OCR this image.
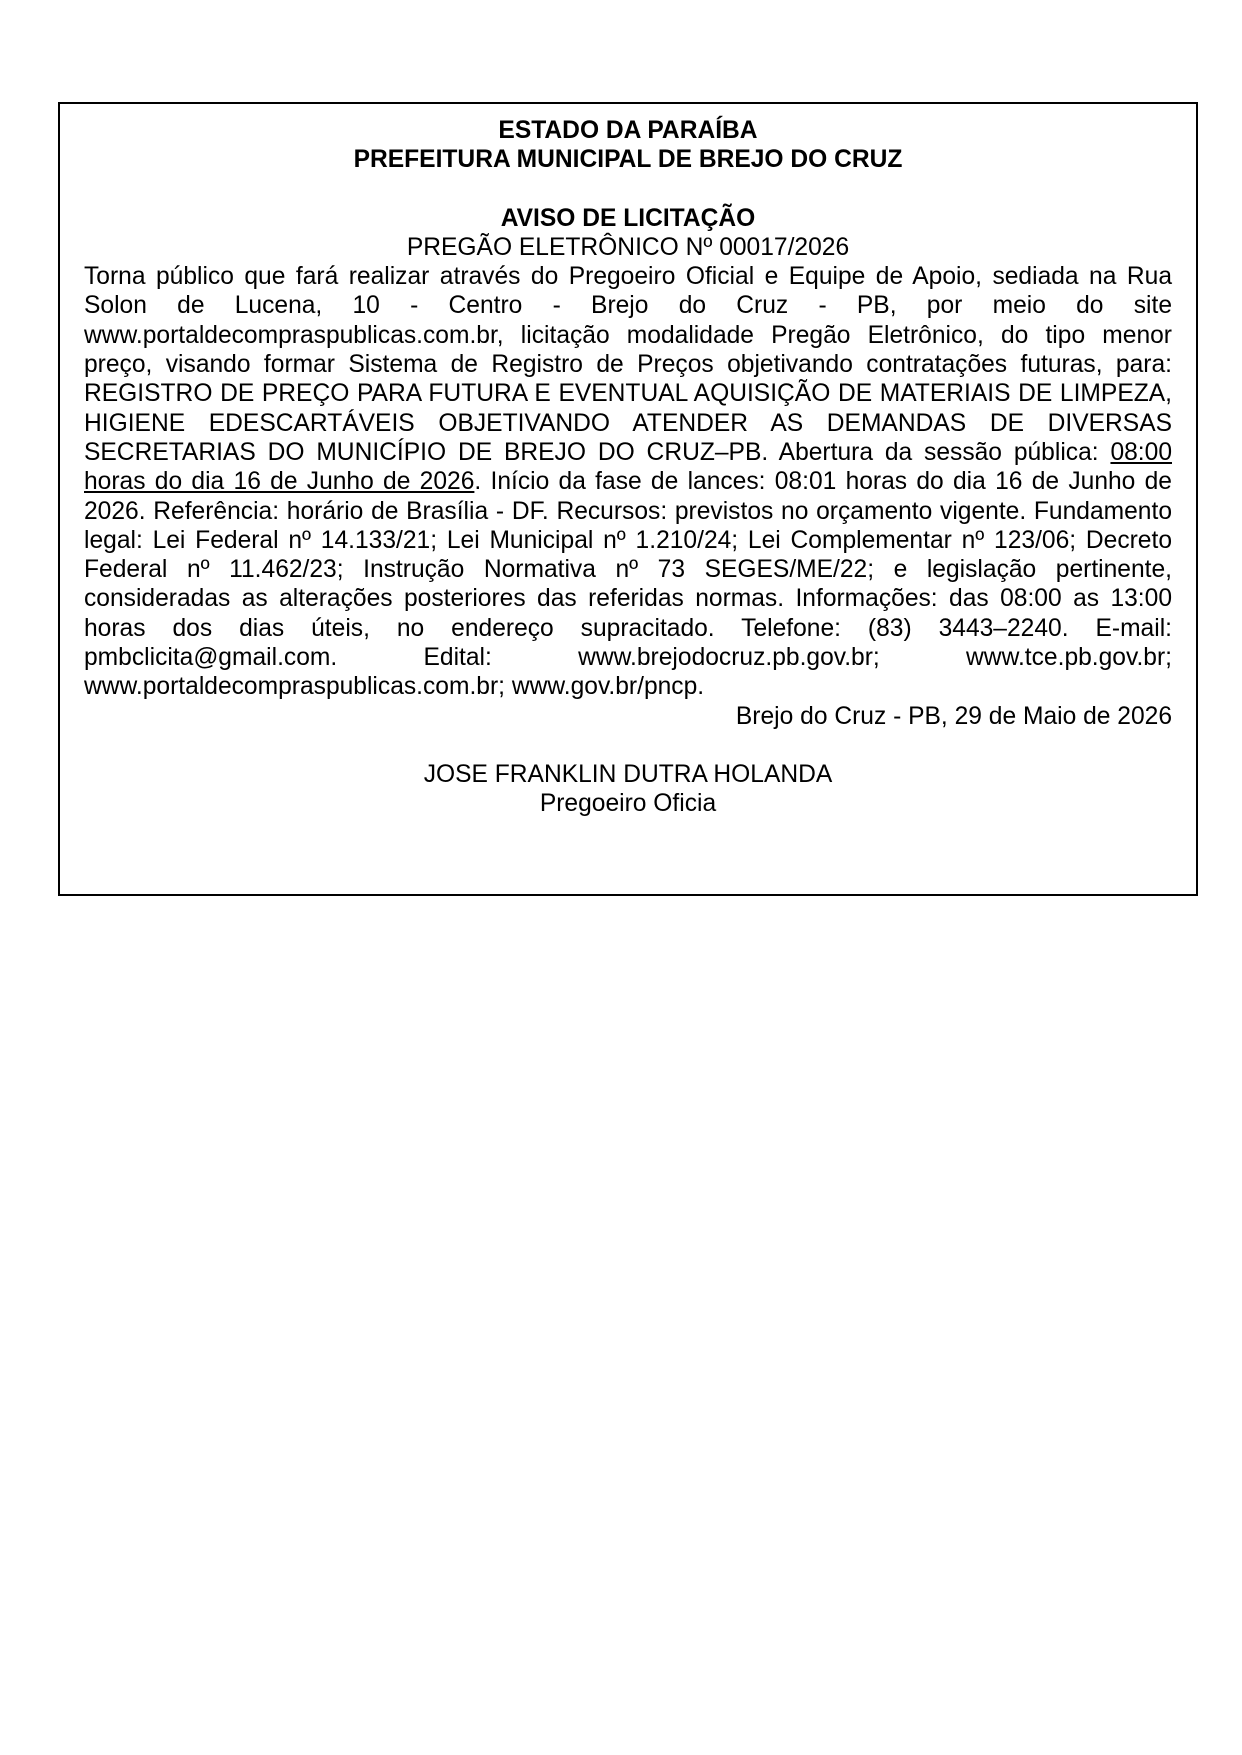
ESTADO DA PARAÍBA
PREFEITURA MUNICIPAL DE BREJO DO CRUZ
AVISO DE LICITAÇÃO
PREGÃO ELETRÔNICO Nº 00017/2026

Torna público que fará realizar através do Pregoeiro Oficial e Equipe de Apoio, sediada na Rua Solon de Lucena, 10 - Centro - Brejo do Cruz - PB, por meio do site www.portaldecompraspublicas.com.br, licitação modalidade Pregão Eletrônico, do tipo menor preço, visando formar Sistema de Registro de Preços objetivando contratações futuras, para: REGISTRO DE PREÇO PARA FUTURA E EVENTUAL AQUISIÇÃO DE MATERIAIS DE LIMPEZA, HIGIENE EDESCARTÁVEIS OBJETIVANDO ATENDER AS DEMANDAS DE DIVERSAS SECRETARIAS DO MUNICÍPIO DE BREJO DO CRUZ–PB. Abertura da sessão pública: 08:00 horas do dia 16 de Junho de 2026. Início da fase de lances: 08:01 horas do dia 16 de Junho de 2026. Referência: horário de Brasília - DF. Recursos: previstos no orçamento vigente. Fundamento legal: Lei Federal nº 14.133/21; Lei Municipal nº 1.210/24; Lei Complementar nº 123/06; Decreto Federal nº 11.462/23; Instrução Normativa nº 73 SEGES/ME/22; e legislação pertinente, consideradas as alterações posteriores das referidas normas. Informações: das 08:00 as 13:00 horas dos dias úteis, no endereço supracitado. Telefone: (83) 3443–2240. E-mail: pmbclicita@gmail.com. Edital: www.brejodocruz.pb.gov.br; www.tce.pb.gov.br; www.portaldecompraspublicas.com.br; www.gov.br/pncp.

Brejo do Cruz - PB, 29 de Maio de 2026
JOSE FRANKLIN DUTRA HOLANDA
Pregoeiro Oficia
